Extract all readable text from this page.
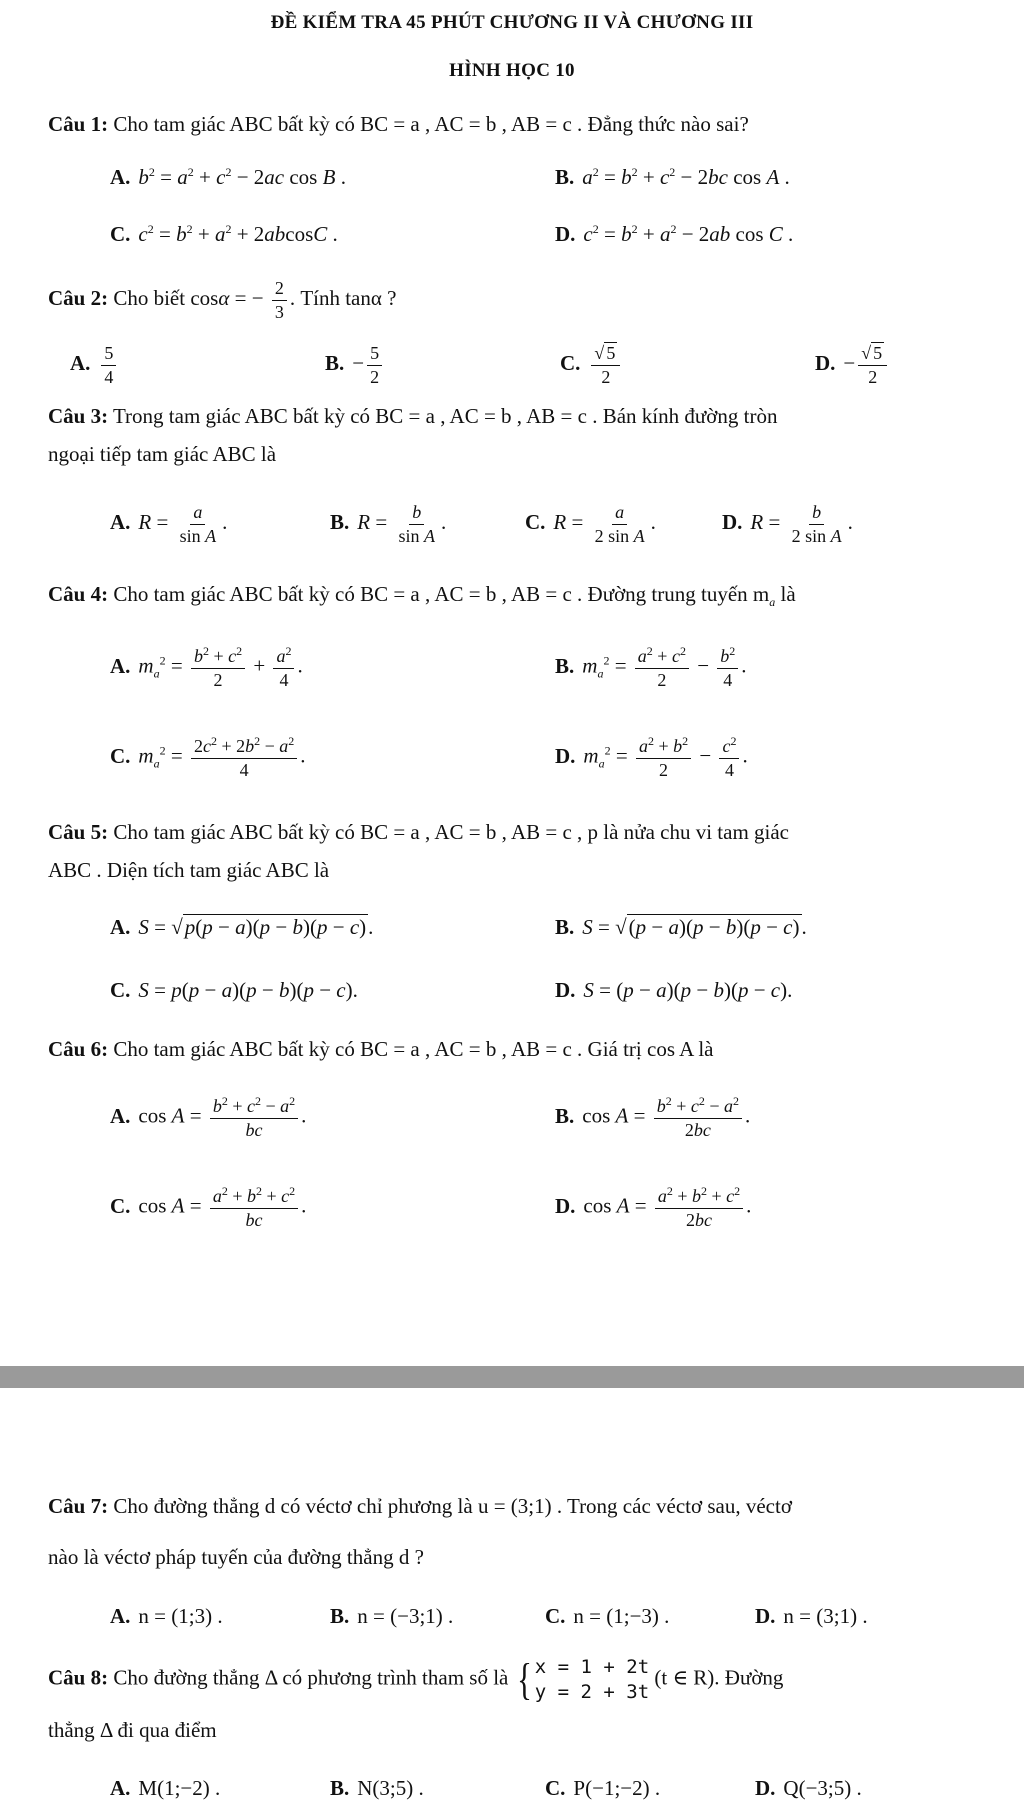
ĐỀ KIỂM TRA 45 PHÚT CHƯƠNG II VÀ CHƯƠNG III
HÌNH HỌC 10
Câu 1: Cho tam giác ABC bất kỳ có BC = a , AC = b , AB = c . Đẳng thức nào sai?
A. $b^2 = a^2 + c^2 - 2ac$ cos B .	B. $a^2 = b^2 + c^2 - 2bc$ cos A .
C. $c^2 = b^2 + a^2 + 2abcosC$ .	D. $c^2 = b^2 + a^2 - 2ab$ cos C .
Câu 2: Cho biết cosα = − $\frac{2}{3}$ . Tính tanα ?
A. $\frac{5}{4}$	B. − $\frac{5}{2}$	C. $\frac{√ 5}{2}$	D. − $\frac{√ 5}{2}$
Câu 3: Trong tam giác ABC bất kỳ có BC = a , AC = b , AB = c . Bán kính đường tròn
ngoại tiếp tam giác ABC là
A. $R = \frac{a}{\text{sin A}}$ .	B. $R = \frac{b}{\text{sin A}}$ .	C. $R = \frac{a}{\text{2 sin A}}$ .	D. $R = \frac{b}{\text{2 sin A}}$ .
Câu 4: Cho tam giác ABC bất kỳ có BC = a , AC = b , AB = c . Đường trung tuyến $m_a$ là
A. $m_a^2 = \frac{b^2 + c^2}{2} + \frac{a^2}{4}$ .	B. $m_a^2 = \frac{a^2 + c^2}{2} - \frac{b^2}{4}$ .
C. $m_a^2 = \frac{2c^2 + 2b^2 - a^2}{4}$ .	D. $m_a^2 = \frac{a^2 + b^2}{2} - \frac{c^2}{4}$ .
Câu 5: Cho tam giác ABC bất kỳ có BC = a , AC = b , AB = c , p là nửa chu vi tam giác
ABC . Diện tích tam giác ABC là
A. S = √p(p − a)(p − b)(p − c).	B. S = √(p − a)(p − b)(p − c).
C. S = p(p − a)(p − b)(p − c).	D. S = (p − a)(p − b)(p − c).
Câu 6: Cho tam giác ABC bất kỳ có BC = a , AC = b , AB = c . Giá trị cos A là
A. $\cos A = \frac{b^2 + c^2 - a^2}{bc}$ .	B. $\cos A = \frac{b^2 + c^2 - a^2}{2bc}$ .
C. $\cos A = \frac{a^2 + b^2 + c^2}{bc}$ .	D. $\cos A = \frac{a^2 + b^2 + c^2}{2bc}$ .
Câu 7: Cho đường thẳng d có véctơ chỉ phương là u = (3;1) . Trong các véctơ sau, véctơ
nào là véctơ pháp tuyến của đường thẳng d ?
A. n = (1;3) .	B. n = (−3;1) .	C. n = (1;−3) .	D. n = (3;1) .
Câu 8: Cho đường thẳng Δ có phương trình tham số là { x = 1 + 2t
y = 2 + 3t
(t ∈ R). Đường
thẳng Δ đi qua điểm
A. M(1;−2) .	B. N(3;5) .	C. P(−1;−2) .	D. Q(−3;5) .
